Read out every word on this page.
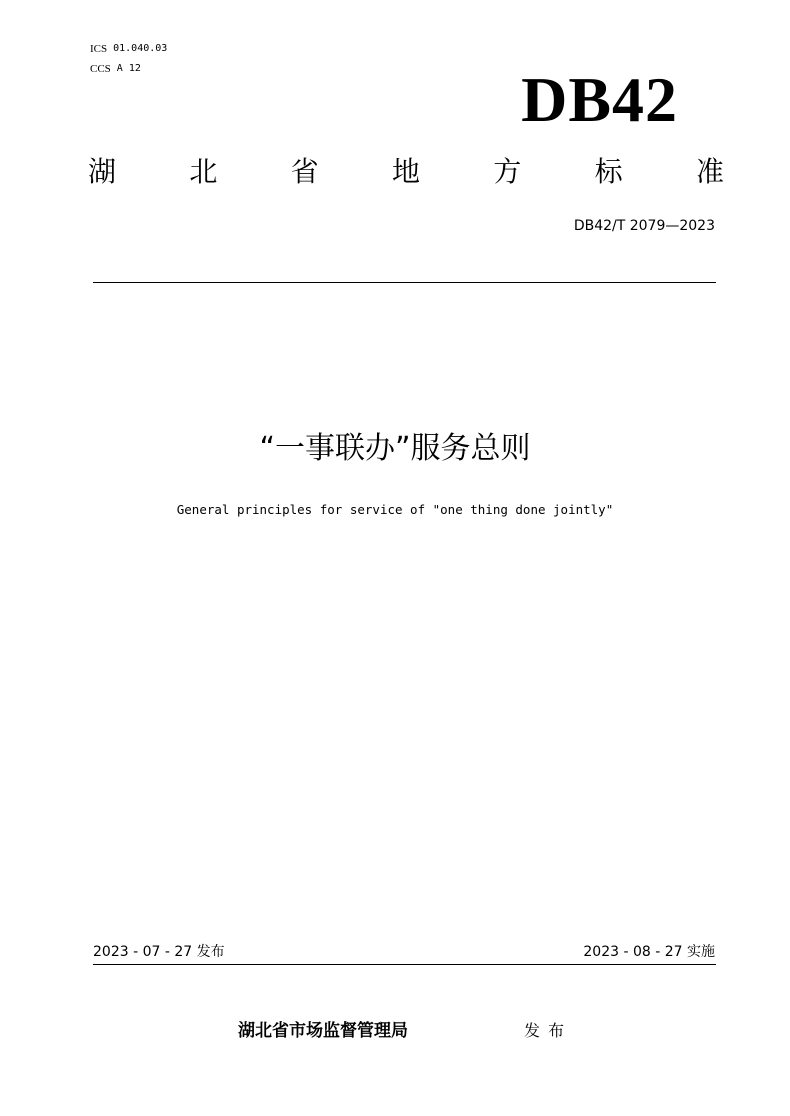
ICS 01.040.03
CCS A 12	DB42
湖	北	省	地	方	标	准
DB42/T 2079—2023
“一事联办”服务总则
General principles for service of "one thing done jointly"
2023 - 07 - 27 发布	2023 - 08 - 27 实施
湖北省市场监督管理局	发布
